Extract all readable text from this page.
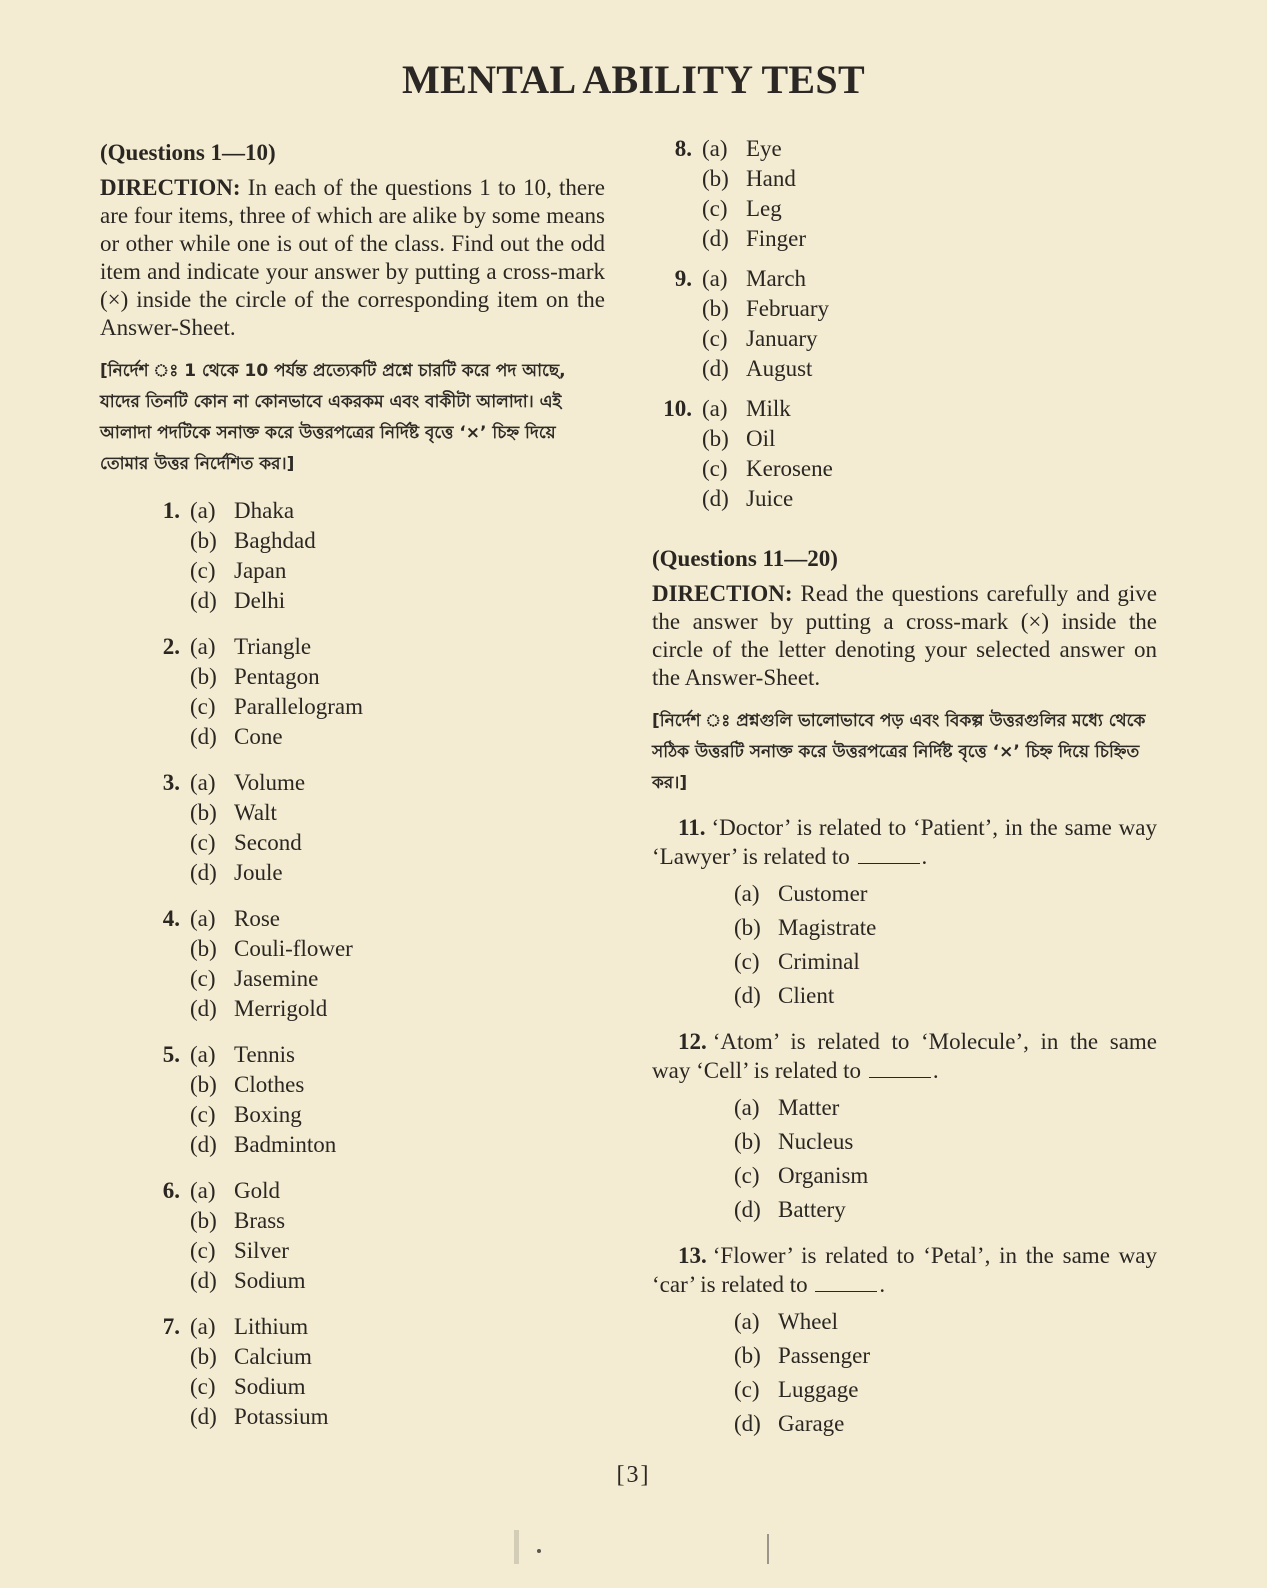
MENTAL ABILITY TEST

(Questions 1—10)

DIRECTION: In each of the questions 1 to 10, there are four items, three of which are alike by some means or other while one is out of the class. Find out the odd item and indicate your answer by putting a cross-mark (×) inside the circle of the corresponding item on the Answer-Sheet.

[নির্দেশ ঃ 1 থেকে 10 পর্যন্ত প্রত্যেকটি প্রশ্নে চারটি করে পদ আছে, যাদের তিনটি কোন না কোনভাবে একরকম এবং বাকীটা আলাদা। এই আলাদা পদটিকে সনাক্ত করে উত্তরপত্রের নির্দিষ্ট বৃত্তে ‘×’ চিহ্ন দিয়ে তোমার উত্তর নির্দেশিত কর।]

1. (a) Dhaka
(b) Baghdad
(c) Japan
(d) Delhi
2. (a) Triangle
(b) Pentagon
(c) Parallelogram
(d) Cone
3. (a) Volume
(b) Walt
(c) Second
(d) Joule
4. (a) Rose
(b) Couli-flower
(c) Jasemine
(d) Merrigold
5. (a) Tennis
(b) Clothes
(c) Boxing
(d) Badminton
6. (a) Gold
(b) Brass
(c) Silver
(d) Sodium
7. (a) Lithium
(b) Calcium
(c) Sodium
(d) Potassium
8. (a) Eye
(b) Hand
(c) Leg
(d) Finger
9. (a) March
(b) February
(c) January
(d) August
10. (a) Milk
(b) Oil
(c) Kerosene
(d) Juice

(Questions 11—20)

DIRECTION: Read the questions carefully and give the answer by putting a cross-mark (×) inside the circle of the letter denoting your selected answer on the Answer-Sheet.

[নির্দেশ ঃ প্রশ্নগুলি ভালোভাবে পড় এবং বিকল্প উত্তরগুলির মধ্যে থেকে সঠিক উত্তরটি সনাক্ত করে উত্তরপত্রের নির্দিষ্ট বৃত্তে ‘×’ চিহ্ন দিয়ে চিহ্নিত কর।]

11. ‘Doctor’ is related to ‘Patient’, in the same way ‘Lawyer’ is related to	.

(a) Customer
(b) Magistrate
(c) Criminal
(d) Client

12. ‘Atom’ is related to ‘Molecule’, in the same way ‘Cell’ is related to	.

(a) Matter
(b) Nucleus
(c) Organism
(d) Battery

13. ‘Flower’ is related to ‘Petal’, in the same way ‘car’ is related to	.

(a) Wheel
(b) Passenger
(c) Luggage
(d) Garage
[3]
